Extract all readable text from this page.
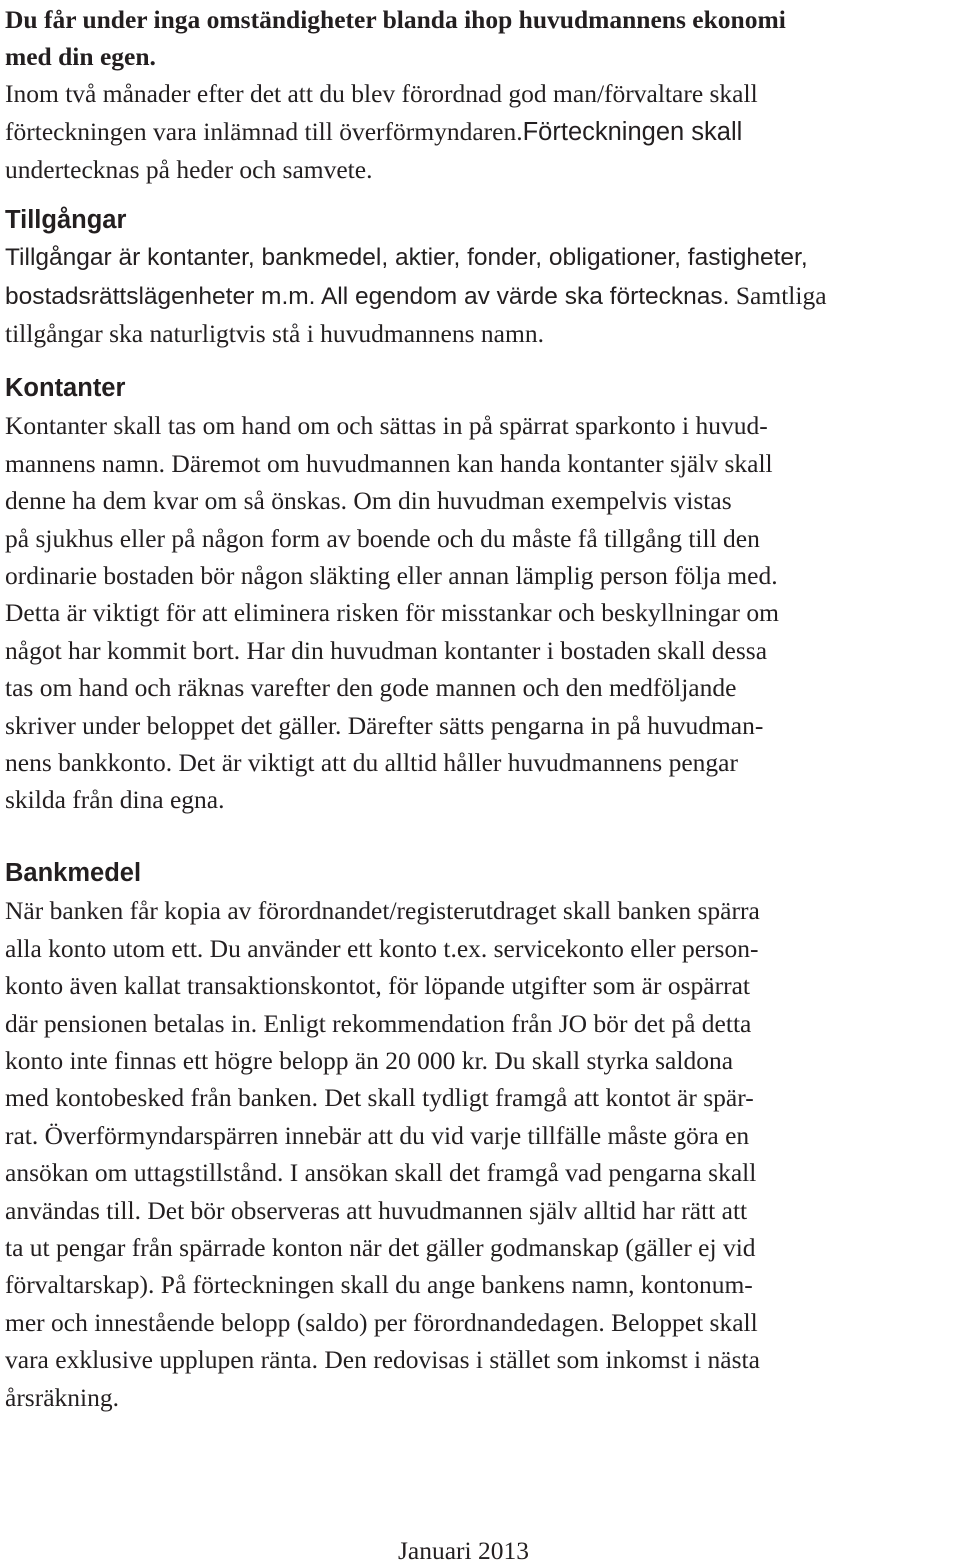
Du får under inga omständigheter blanda ihop huvudmannens ekonomi
med din egen.
Inom två månader efter det att du blev förordnad god man/förvaltare skall
förteckningen vara inlämnad till överförmyndaren.Förteckningen skall
undertecknas på heder och samvete.
Tillgångar
Tillgångar är kontanter, bankmedel, aktier, fonder, obligationer, fastigheter,
bostadsrättslägenheter m.m. All egendom av värde ska förtecknas. Samtliga
tillgångar ska naturligtvis stå i huvudmannens namn.
Kontanter
Kontanter skall tas om hand om och sättas in på spärrat sparkonto i huvud-
mannens namn. Däremot om huvudmannen kan handa kontanter själv skall
denne ha dem kvar om så önskas. Om din huvudman exempelvis vistas
på sjukhus eller på någon form av boende och du måste få tillgång till den
ordinarie bostaden bör någon släkting eller annan lämplig person följa med.
Detta är viktigt för att eliminera risken för misstankar och beskyllningar om
något har kommit bort. Har din huvudman kontanter i bostaden skall dessa
tas om hand och räknas varefter den gode mannen och den medföljande
skriver under beloppet det gäller. Därefter sätts pengarna in på huvudman-
nens bankkonto. Det är viktigt att du alltid håller huvudmannens pengar
skilda från dina egna.
Bankmedel
När banken får kopia av förordnandet/registerutdraget skall banken spärra
alla konto utom ett. Du använder ett konto t.ex. servicekonto eller person-
konto även kallat transaktionskontot, för löpande utgifter som är ospärrat
där pensionen betalas in. Enligt rekommendation från JO bör det på detta
konto inte finnas ett högre belopp än 20 000 kr. Du skall styrka saldona
med kontobesked från banken. Det skall tydligt framgå att kontot är spär-
rat. Överförmyndarspärren innebär att du vid varje tillfälle måste göra en
ansökan om uttagstillstånd. I ansökan skall det framgå vad pengarna skall
användas till. Det bör observeras att huvudmannen själv alltid har rätt att
ta ut pengar från spärrade konton när det gäller godmanskap (gäller ej vid
förvaltarskap). På förteckningen skall du ange bankens namn, kontonum-
mer och innestående belopp (saldo) per förordnandedagen. Beloppet skall
vara exklusive upplupen ränta. Den redovisas i stället som inkomst i nästa
årsräkning.
Januari 2013
